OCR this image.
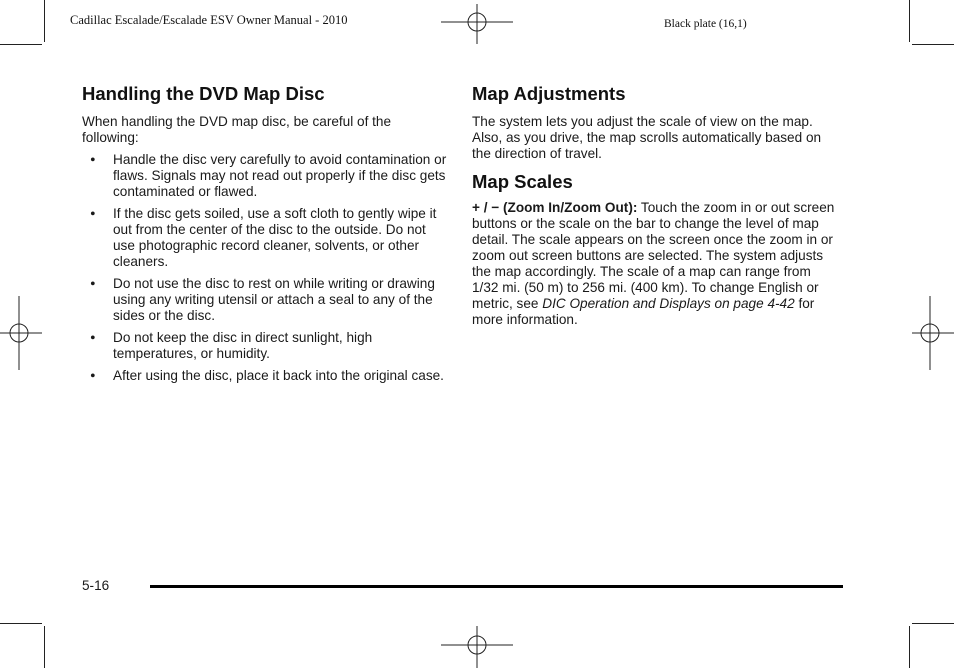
Cadillac Escalade/Escalade ESV Owner Manual - 2010	Black plate (16,1)
Handling the DVD Map Disc

When handling the DVD map disc, be careful of the following:

• Handle the disc very carefully to avoid contamination or flaws. Signals may not read out properly if the disc gets contaminated or flawed.

• If the disc gets soiled, use a soft cloth to gently wipe it out from the center of the disc to the outside. Do not use photographic record cleaner, solvents, or other cleaners.

• Do not use the disc to rest on while writing or drawing using any writing utensil or attach a seal to any of the sides or the disc.

• Do not keep the disc in direct sunlight, high temperatures, or humidity.

• After using the disc, place it back into the original case.

Map Adjustments

The system lets you adjust the scale of view on the map. Also, as you drive, the map scrolls automatically based on the direction of travel.

Map Scales

+ / − (Zoom In/Zoom Out): Touch the zoom in or out screen buttons or the scale on the bar to change the level of map detail. The scale appears on the screen once the zoom in or zoom out screen buttons are selected. The system adjusts the map accordingly. The scale of a map can range from 1/32 mi. (50 m) to 256 mi. (400 km). To change English or metric, see DIC Operation and Displays on page 4-42 for more information.

5-16
